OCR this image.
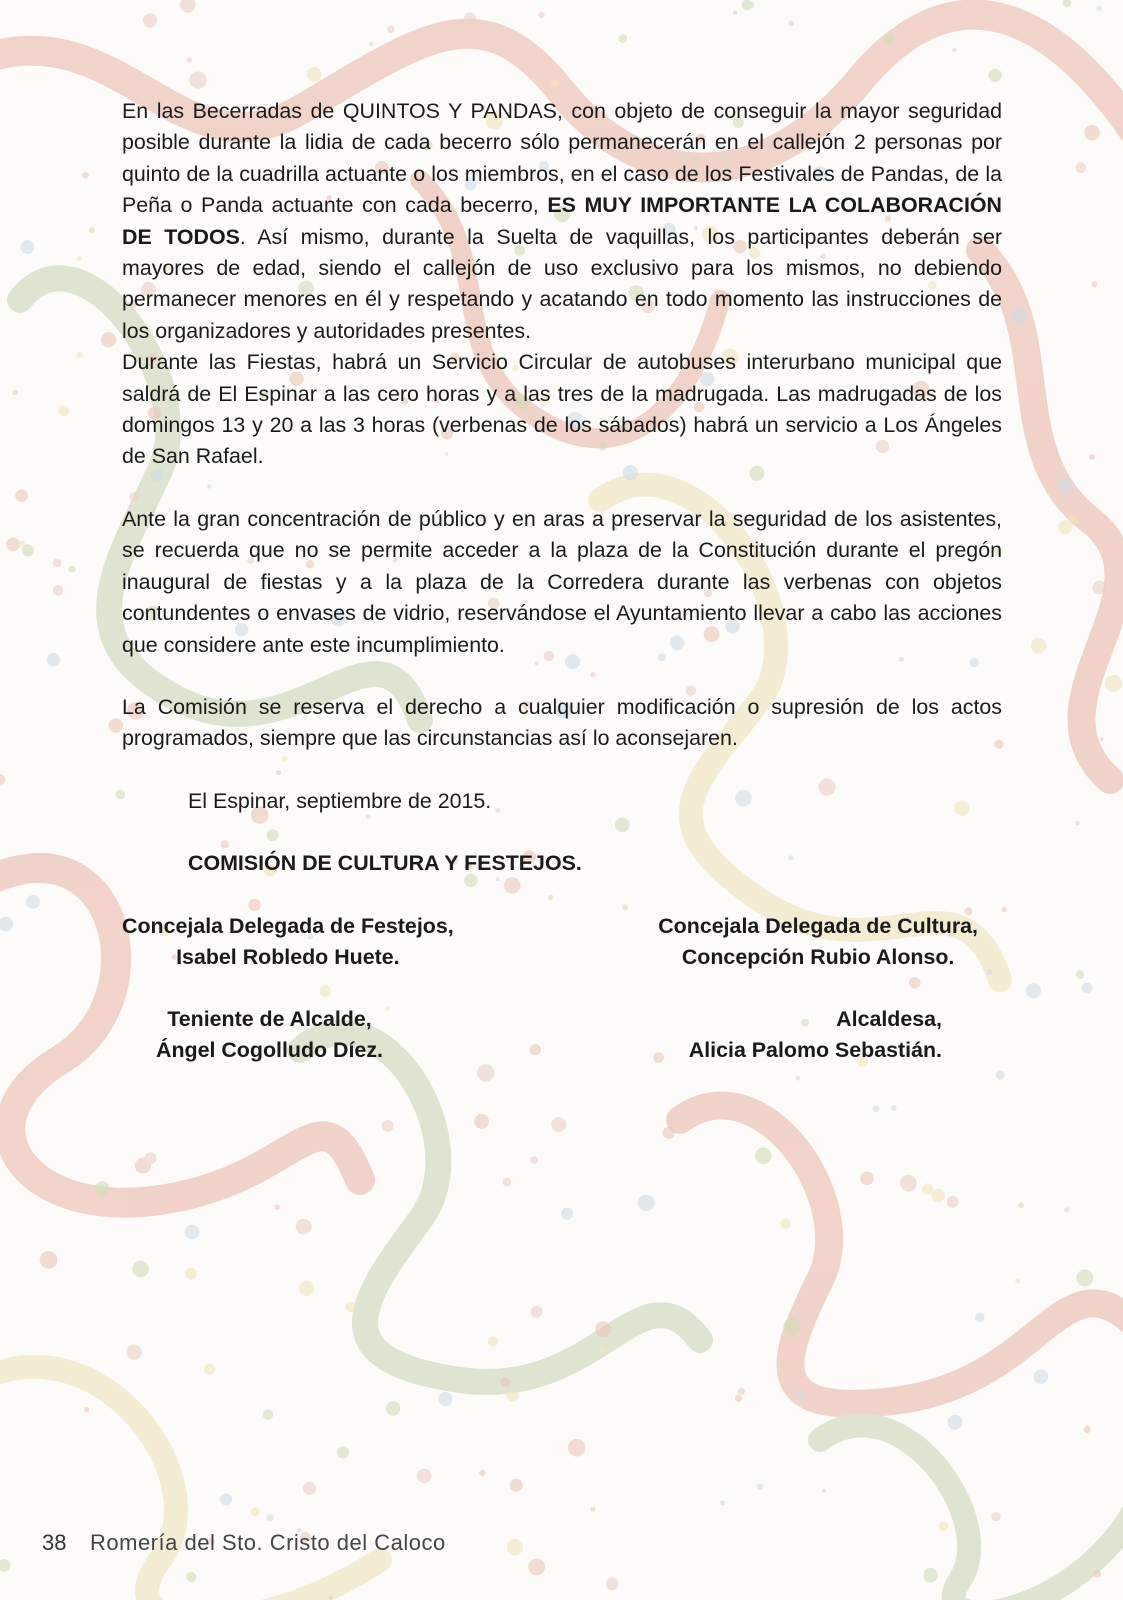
En las Becerradas de QUINTOS Y PANDAS, con objeto de conseguir la mayor seguridad posible durante la lidia de cada becerro sólo permanecerán en el callejón 2 personas por quinto de la cuadrilla actuante o los miembros, en el caso de los Festivales de Pandas, de la Peña o Panda actuante con cada becerro, ES MUY IMPORTANTE LA COLABORACIÓN DE TODOS. Así mismo, durante la Suelta de vaquillas, los participantes deberán ser mayores de edad, siendo el callejón de uso exclusivo para los mismos, no debiendo permanecer menores en él y respetando y acatando en todo momento las instrucciones de los organizadores y autoridades presentes.

Durante las Fiestas, habrá un Servicio Circular de autobuses interurbano municipal que saldrá de El Espinar a las cero horas y a las tres de la madrugada. Las madrugadas de los domingos 13 y 20 a las 3 horas (verbenas de los sábados) habrá un servicio a Los Ángeles de San Rafael.

Ante la gran concentración de público y en aras a preservar la seguridad de los asistentes, se recuerda que no se permite acceder a la plaza de la Constitución durante el pregón inaugural de fiestas y a la plaza de la Corredera durante las verbenas con objetos contundentes o envases de vidrio, reservándose el Ayuntamiento llevar a cabo las acciones que considere ante este incumplimiento.

La Comisión se reserva el derecho a cualquier modificación o supresión de los actos programados, siempre que las circunstancias así lo aconsejaren.

El Espinar, septiembre de 2015.
COMISIÓN DE CULTURA Y FESTEJOS.
Concejala Delegada de Festejos,
Isabel Robledo Huete.
Concejala Delegada de Cultura,
Concepción Rubio Alonso.
Teniente de Alcalde,
Ángel Cogolludo Díez.
Alcaldesa,
Alicia Palomo Sebastián.
38 Romería del Sto. Cristo del Caloco
